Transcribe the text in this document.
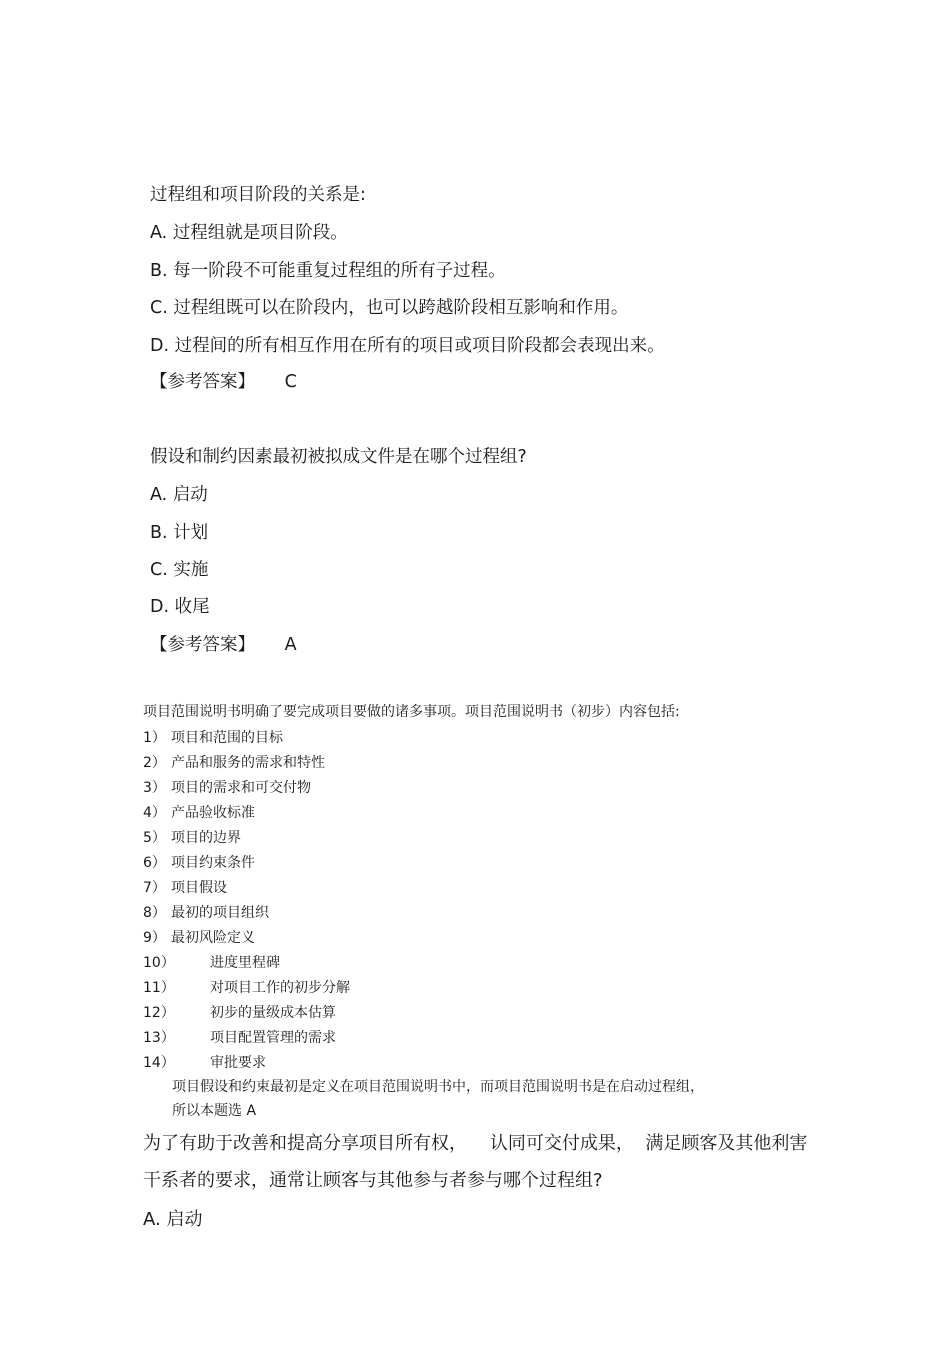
过程组和项目阶段的关系是:
A. 过程组就是项目阶段。
B. 每一阶段不可能重复过程组的所有子过程。
C. 过程组既可以在阶段内，也可以跨越阶段相互影响和作用。
D. 过程间的所有相互作用在所有的项目或项目阶段都会表现出来。
【参考答案】 C
假设和制约因素最初被拟成文件是在哪个过程组?
A. 启动
B. 计划
C. 实施
D. 收尾
【参考答案】 A
项目范围说明书明确了要完成项目要做的诸多事项。项目范围说明书（初步）内容包括:
1） 项目和范围的目标
2） 产品和服务的需求和特性
3） 项目的需求和可交付物
4） 产品验收标准
5） 项目的边界
6） 项目约束条件
7） 项目假设
8） 最初的项目组织
9） 最初风险定义
10）	进度里程碑
11）	对项目工作的初步分解
12）	初步的量级成本估算
13）	项目配置管理的需求
14）	审批要求
项目假设和约束最初是定义在项目范围说明书中，而项目范围说明书是在启动过程组，
所以本题选 A
为了有助于改善和提高分享项目所有权，    认同可交付成果，  满足顾客及其他利害
干系者的要求，通常让顾客与其他参与者参与哪个过程组?
A. 启动
